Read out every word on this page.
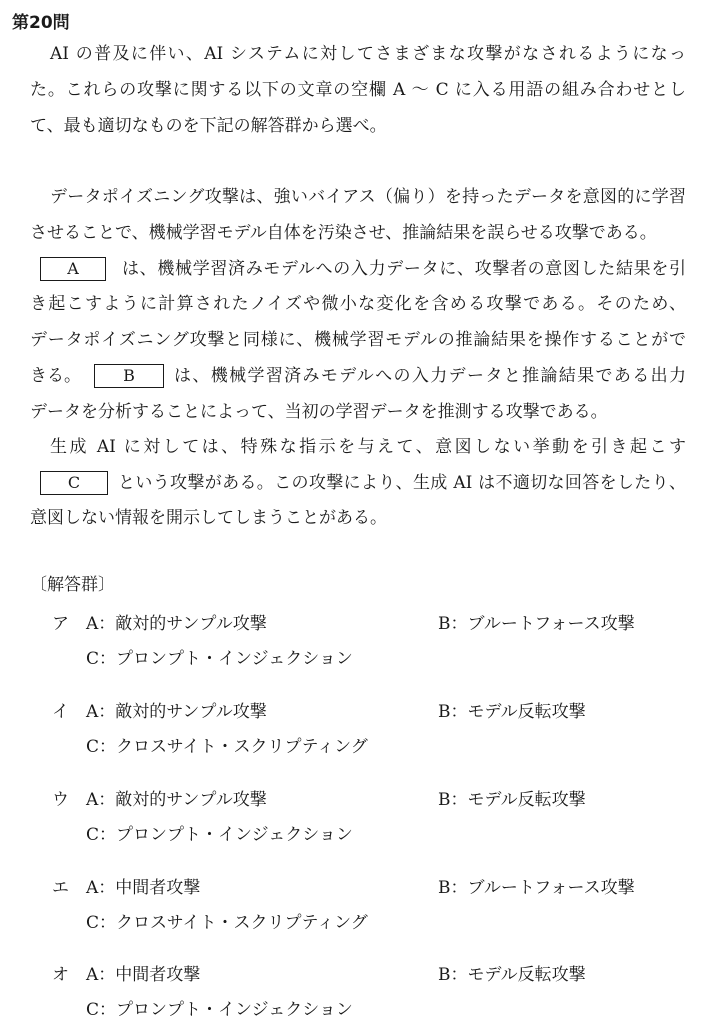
第20問
AI の普及に伴い、AI システムに対してさまざまな攻撃がなされるようになっ
た。これらの攻撃に関する以下の文章の空欄 A ～ C に入る用語の組み合わせとし
て、最も適切なものを下記の解答群から選べ。
データポイズニング攻撃は、強いバイアス（偏り）を持ったデータを意図的に学習
させることで、機械学習モデル自体を汚染させ、推論結果を誤らせる攻撃である。
A	は、機械学習済みモデルへの入力データに、攻撃者の意図した結果を引
き起こすように計算されたノイズや微小な変化を含める攻撃である。そのため、
データポイズニング攻撃と同様に、機械学習モデルの推論結果を操作することがで
きる。	B	は、機械学習済みモデルへの入力データと推論結果である出力
データを分析することによって、当初の学習データを推測する攻撃である。
生成 AI に対しては、特殊な指示を与えて、意図しない挙動を引き起こす
C	という攻撃がある。この攻撃により、生成 AI は不適切な回答をしたり、
意図しない情報を開示してしまうことがある。
〔解答群〕
ア A：敵対的サンプル攻撃	B：ブルートフォース攻撃
C：プロンプト・インジェクション
イ A：敵対的サンプル攻撃	B：モデル反転攻撃
C：クロスサイト・スクリプティング
ウ A：敵対的サンプル攻撃	B：モデル反転攻撃
C：プロンプト・インジェクション
エ A：中間者攻撃	B：ブルートフォース攻撃
C：クロスサイト・スクリプティング
オ A：中間者攻撃	B：モデル反転攻撃
C：プロンプト・インジェクション
